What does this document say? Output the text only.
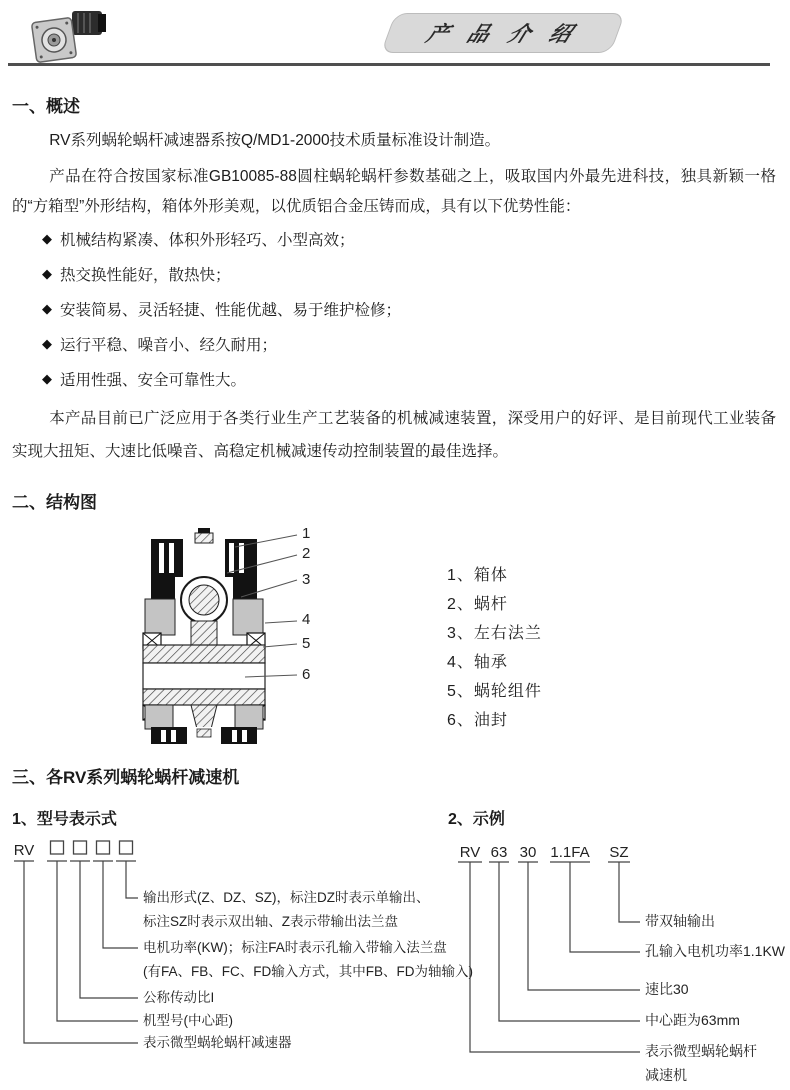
产 品 介 绍
一、概述
RV系列蜗轮蜗杆减速器系按Q/MD1-2000技术质量标准设计制造。
产品在符合按国家标准GB10085-88圆柱蜗轮蜗杆参数基础之上，吸取国内外最先进科技，独具新颖一格的“方箱型”外形结构，箱体外形美观，以优质铝合金压铸而成，具有以下优势性能：
◆ 机械结构紧凑、体积外形轻巧、小型高效；
◆ 热交换性能好，散热快；
◆ 安装简易、灵活轻捷、性能优越、易于维护检修；
◆ 运行平稳、噪音小、经久耐用；
◆ 适用性强、安全可靠性大。
本产品目前已广泛应用于各类行业生产工艺装备的机械减速装置，深受用户的好评、是目前现代工业装备实现大扭矩、大速比低噪音、高稳定机械减速传动控制装置的最佳选择。
二、结构图
1
2
3
4
5
6
1、箱体
2、蜗杆
3、左右法兰
4、轴承
5、蜗轮组件
6、油封
三、各RV系列蜗轮蜗杆减速机
1、型号表示式	2、示例
RV
输出形式(Z、DZ、SZ)，标注DZ时表示单输出、
标注SZ时表示双出轴、Z表示带输出法兰盘
电机功率(KW)；标注FA时表示孔输入带输入法兰盘
(有FA、FB、FC、FD输入方式，其中FB、FD为轴输入)
公称传动比I
机型号(中心距)
表示微型蜗轮蜗杆减速器
RV 63 30 1.1FA SZ
带双轴输出
孔输入电机功率1.1KW
速比30
中心距为63mm
表示微型蜗轮蜗杆
减速机
